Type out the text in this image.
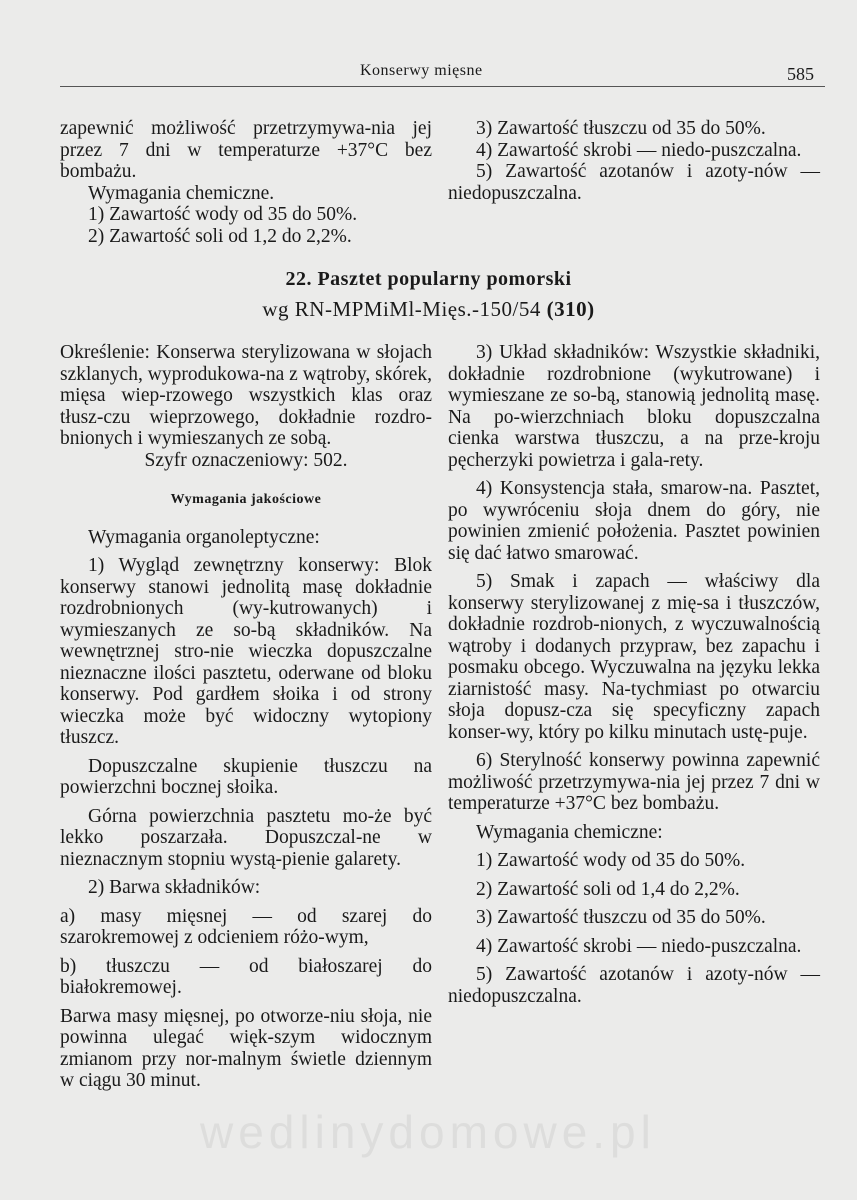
Konserwy mięsne	585

zapewnić możliwość przetrzymywa-nia jej przez 7 dni w temperaturze +37°C bez bombażu.

Wymagania chemiczne.

1) Zawartość wody od 35 do 50%.

2) Zawartość soli od 1,2 do 2,2%.

3) Zawartość tłuszczu od 35 do 50%.

4) Zawartość skrobi — niedo-puszczalna.

5) Zawartość azotanów i azoty-nów — niedopuszczalna.

22. Pasztet popularny pomorski
wg RN-MPMiMl-Mięs.-150/54 (310)

Określenie: Konserwa sterylizowana w słojach szklanych, wyprodukowa-na z wątroby, skórek, mięsa wiep-rzowego wszystkich klas oraz tłusz-czu wieprzowego, dokładnie rozdro-bnionych i wymieszanych ze sobą.

Szyfr oznaczeniowy: 502.

Wymagania jakościowe

Wymagania organoleptyczne:

1) Wygląd zewnętrzny konserwy: Blok konserwy stanowi jednolitą masę dokładnie rozdrobnionych (wy-kutrowanych) i wymieszanych ze so-bą składników. Na wewnętrznej stro-nie wieczka dopuszczalne nieznaczne ilości pasztetu, oderwane od bloku konserwy. Pod gardłem słoika i od strony wieczka może być widoczny wytopiony tłuszcz.

Dopuszczalne skupienie tłuszczu na powierzchni bocznej słoika.

Górna powierzchnia pasztetu mo-że być lekko poszarzała. Dopuszczal-ne w nieznacznym stopniu wystą-pienie galarety.

2) Barwa składników:

a) masy mięsnej — od szarej do szarokremowej z odcieniem różo-wym,

b) tłuszczu — od białoszarej do białokremowej.

Barwa masy mięsnej, po otworze-niu słoja, nie powinna ulegać więk-szym widocznym zmianom przy nor-malnym świetle dziennym w ciągu 30 minut.

3) Układ składników: Wszystkie składniki, dokładnie rozdrobnione (wykutrowane) i wymieszane ze so-bą, stanowią jednolitą masę. Na po-wierzchniach bloku dopuszczalna cienka warstwa tłuszczu, a na prze-kroju pęcherzyki powietrza i gala-rety.

4) Konsystencja stała, smarow-na. Pasztet, po wywróceniu słoja dnem do góry, nie powinien zmienić położenia. Pasztet powinien się dać łatwo smarować.

5) Smak i zapach — właściwy dla konserwy sterylizowanej z mię-sa i tłuszczów, dokładnie rozdrob-nionych, z wyczuwalnością wątroby i dodanych przypraw, bez zapachu i posmaku obcego. Wyczuwalna na języku lekka ziarnistość masy. Na-tychmiast po otwarciu słoja dopusz-cza się specyficzny zapach konser-wy, który po kilku minutach ustę-puje.

6) Sterylność konserwy powinna zapewnić możliwość przetrzymywa-nia jej przez 7 dni w temperaturze +37°C bez bombażu.

Wymagania chemiczne:

1) Zawartość wody od 35 do 50%.

2) Zawartość soli od 1,4 do 2,2%.

3) Zawartość tłuszczu od 35 do 50%.

4) Zawartość skrobi — niedo-puszczalna.

5) Zawartość azotanów i azoty-nów — niedopuszczalna.

wedlinydomowe.pl
